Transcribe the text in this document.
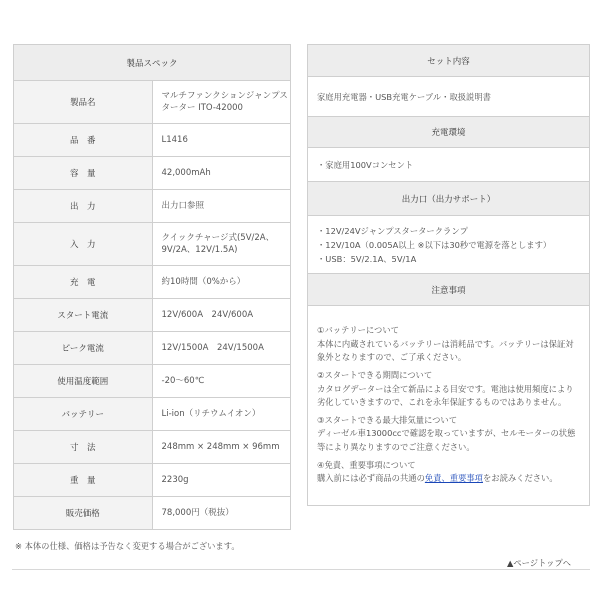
製品スペック	
製品名	マルチファンクションジャンプスターター ITO-42000
品　番	L1416
容　量	42,000mAh
出　力	出力口参照
入　力	クイックチャージ式(5V/2A、9V/2A、12V/1.5A)
充　電	約10時間（0%から）
スタート電流	12V/600A　24V/600A
ピーク電流	12V/1500A　24V/1500A
使用温度範囲	-20～60℃
バッテリー	Li-ion（リチウムイオン）
寸　法	248mm × 248mm × 96mm
重　量	2230g
販売価格	78,000円（税抜）
セット内容
家庭用充電器・USB充電ケーブル・取扱説明書
充電環境
・家庭用100Vコンセント
出力口（出力サポート）

・12V/24Vジャンプスタータークランプ
・12V/10A（0.005A以上 ※以下は30秒で電源を落とします）
・USB：5V/2.1A、5V/1A

注意事項

①バッテリーについて
本体に内蔵されているバッテリーは消耗品です。バッテリーは保証対象外となりますので、ご了承ください。

②スタートできる期間について
カタログデーターは全て新品による目安です。電池は使用頻度により劣化していきますので、これを永年保証するものではありません。

③スタートできる最大排気量について
ディーゼル車13000ccで確認を取っていますが、セルモーターの状態等により異なりますのでご注意ください。

④免責、重要事項について
購入前には必ず商品の共通の免責、重要事項をお読みください。

※ 本体の仕様、価格は予告なく変更する場合がございます。
▲ページトップへ
